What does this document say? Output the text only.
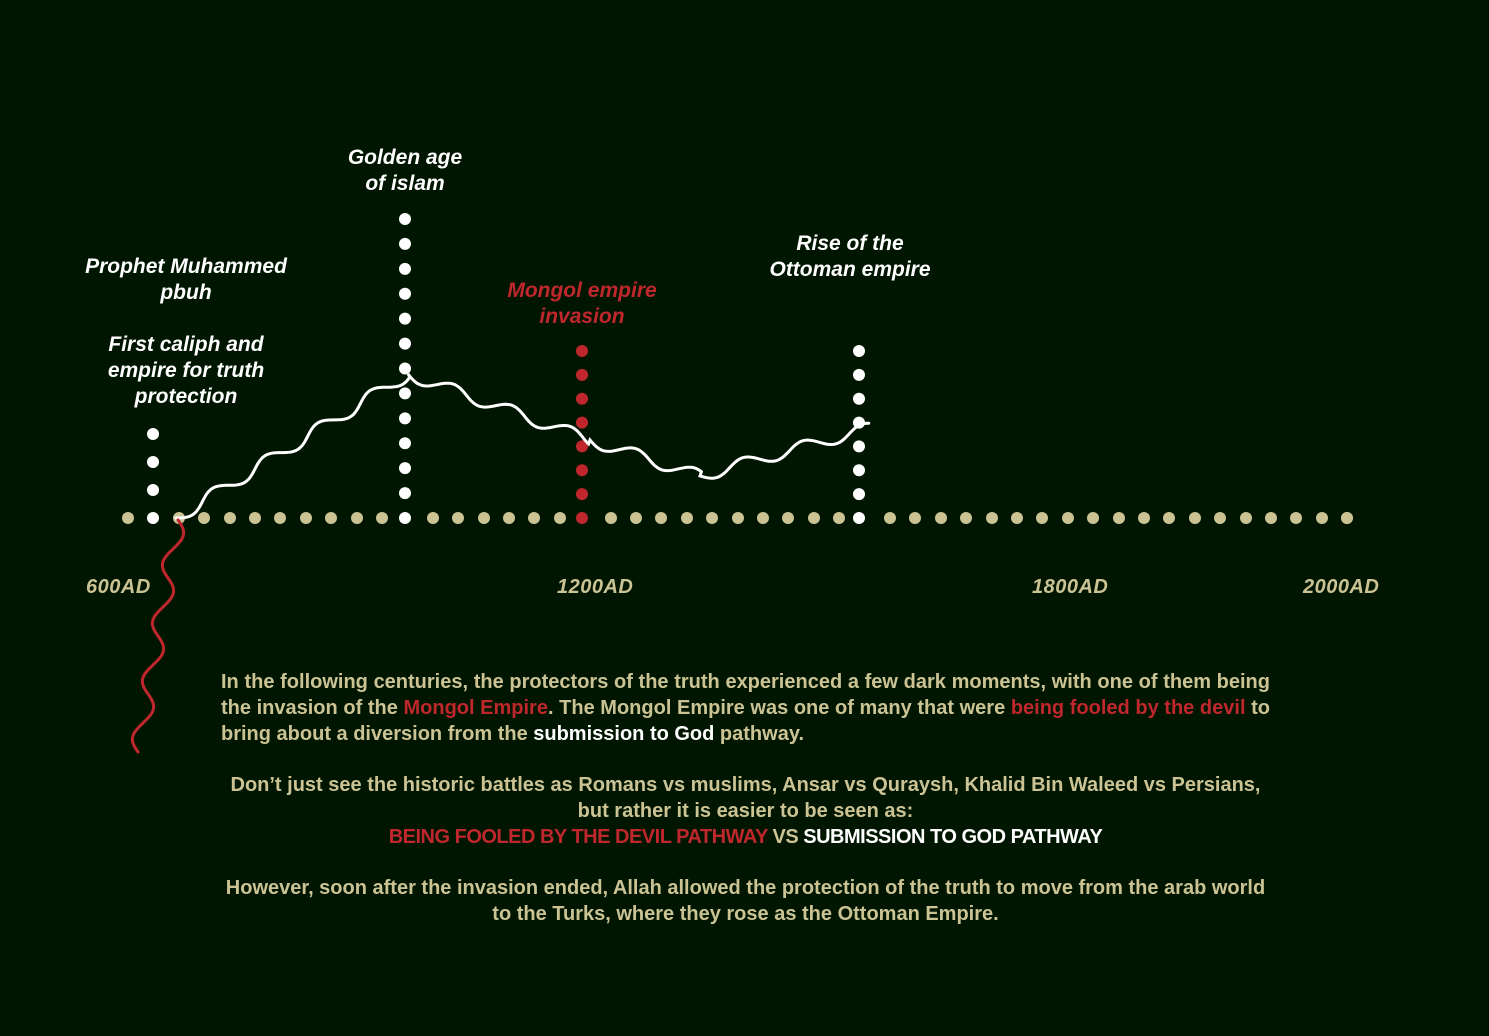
Prophet Muhammed
pbuh
First caliph and
empire for truth
protection
Golden age
of islam
Mongol empire
invasion
Rise of the
Ottoman empire
600AD	1200AD	1800AD	2000AD
In the following centuries, the protectors of the truth experienced a few dark moments, with one of them being the invasion of the Mongol Empire. The Mongol Empire was one of many that were being fooled by the devil to bring about a diversion from the submission to God pathway.
Don’t just see the historic battles as Romans vs muslims, Ansar vs Quraysh, Khalid Bin Waleed vs Persians, but rather it is easier to be seen as:
BEING FOOLED BY THE DEVIL PATHWAY VS SUBMISSION TO GOD PATHWAY
However, soon after the invasion ended, Allah allowed the protection of the truth to move from the arab world to the Turks, where they rose as the Ottoman Empire.
